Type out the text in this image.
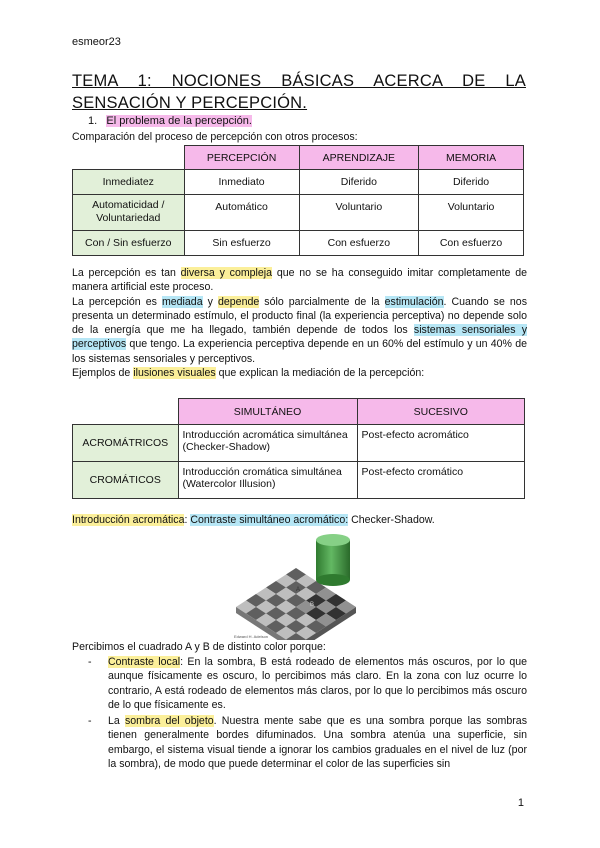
esmeor23
TEMA 1: NOCIONES BÁSICAS ACERCA DE LA
SENSACIÓN Y PERCEPCIÓN.
1. El problema de la percepción.
Comparación del proceso de percepción con otros procesos:
	PERCEPCIÓN	APRENDIZAJE	MEMORIA
Inmediatez	Inmediato	Diferido	Diferido
Automaticidad / Voluntariedad	Automático	Voluntario	Voluntario
Con / Sin esfuerzo	Sin esfuerzo	Con esfuerzo	Con esfuerzo
La percepción es tan diversa y compleja que no se ha conseguido imitar completamente de manera artificial este proceso.
La percepción es mediada y depende sólo parcialmente de la estimulación. Cuando se nos presenta un determinado estímulo, el producto final (la experiencia perceptiva) no depende solo de la energía que me ha llegado, también depende de todos los sistemas sensoriales y perceptivos que tengo. La experiencia perceptiva depende en un 60% del estímulo y un 40% de los sistemas sensoriales y perceptivos.
Ejemplos de ilusiones visuales que explican la mediación de la percepción:
	SIMULTÁNEO	SUCESIVO
ACROMÁTRICOS	Introducción acromática simultánea (Checker-Shadow)	Post-efecto acromático
CROMÁTICOS	Introducción cromática simultánea (Watercolor Illusion)	Post-efecto cromático
Introducción acromática: Contraste simultáneo acromático: Checker-Shadow.
A
B
Edward H. Adelson
Percibimos el cuadrado A y B de distinto color porque:
- Contraste local: En la sombra, B está rodeado de elementos más oscuros, por lo que aunque físicamente es oscuro, lo percibimos más claro. En la zona con luz ocurre lo contrario, A está rodeado de elementos más claros, por lo que lo percibimos más oscuro de lo que físicamente es.
- La sombra del objeto. Nuestra mente sabe que es una sombra porque las sombras tienen generalmente bordes difuminados. Una sombra atenúa una superficie, sin embargo, el sistema visual tiende a ignorar los cambios graduales en el nivel de luz (por la sombra), de modo que puede determinar el color de las superficies sin
1
